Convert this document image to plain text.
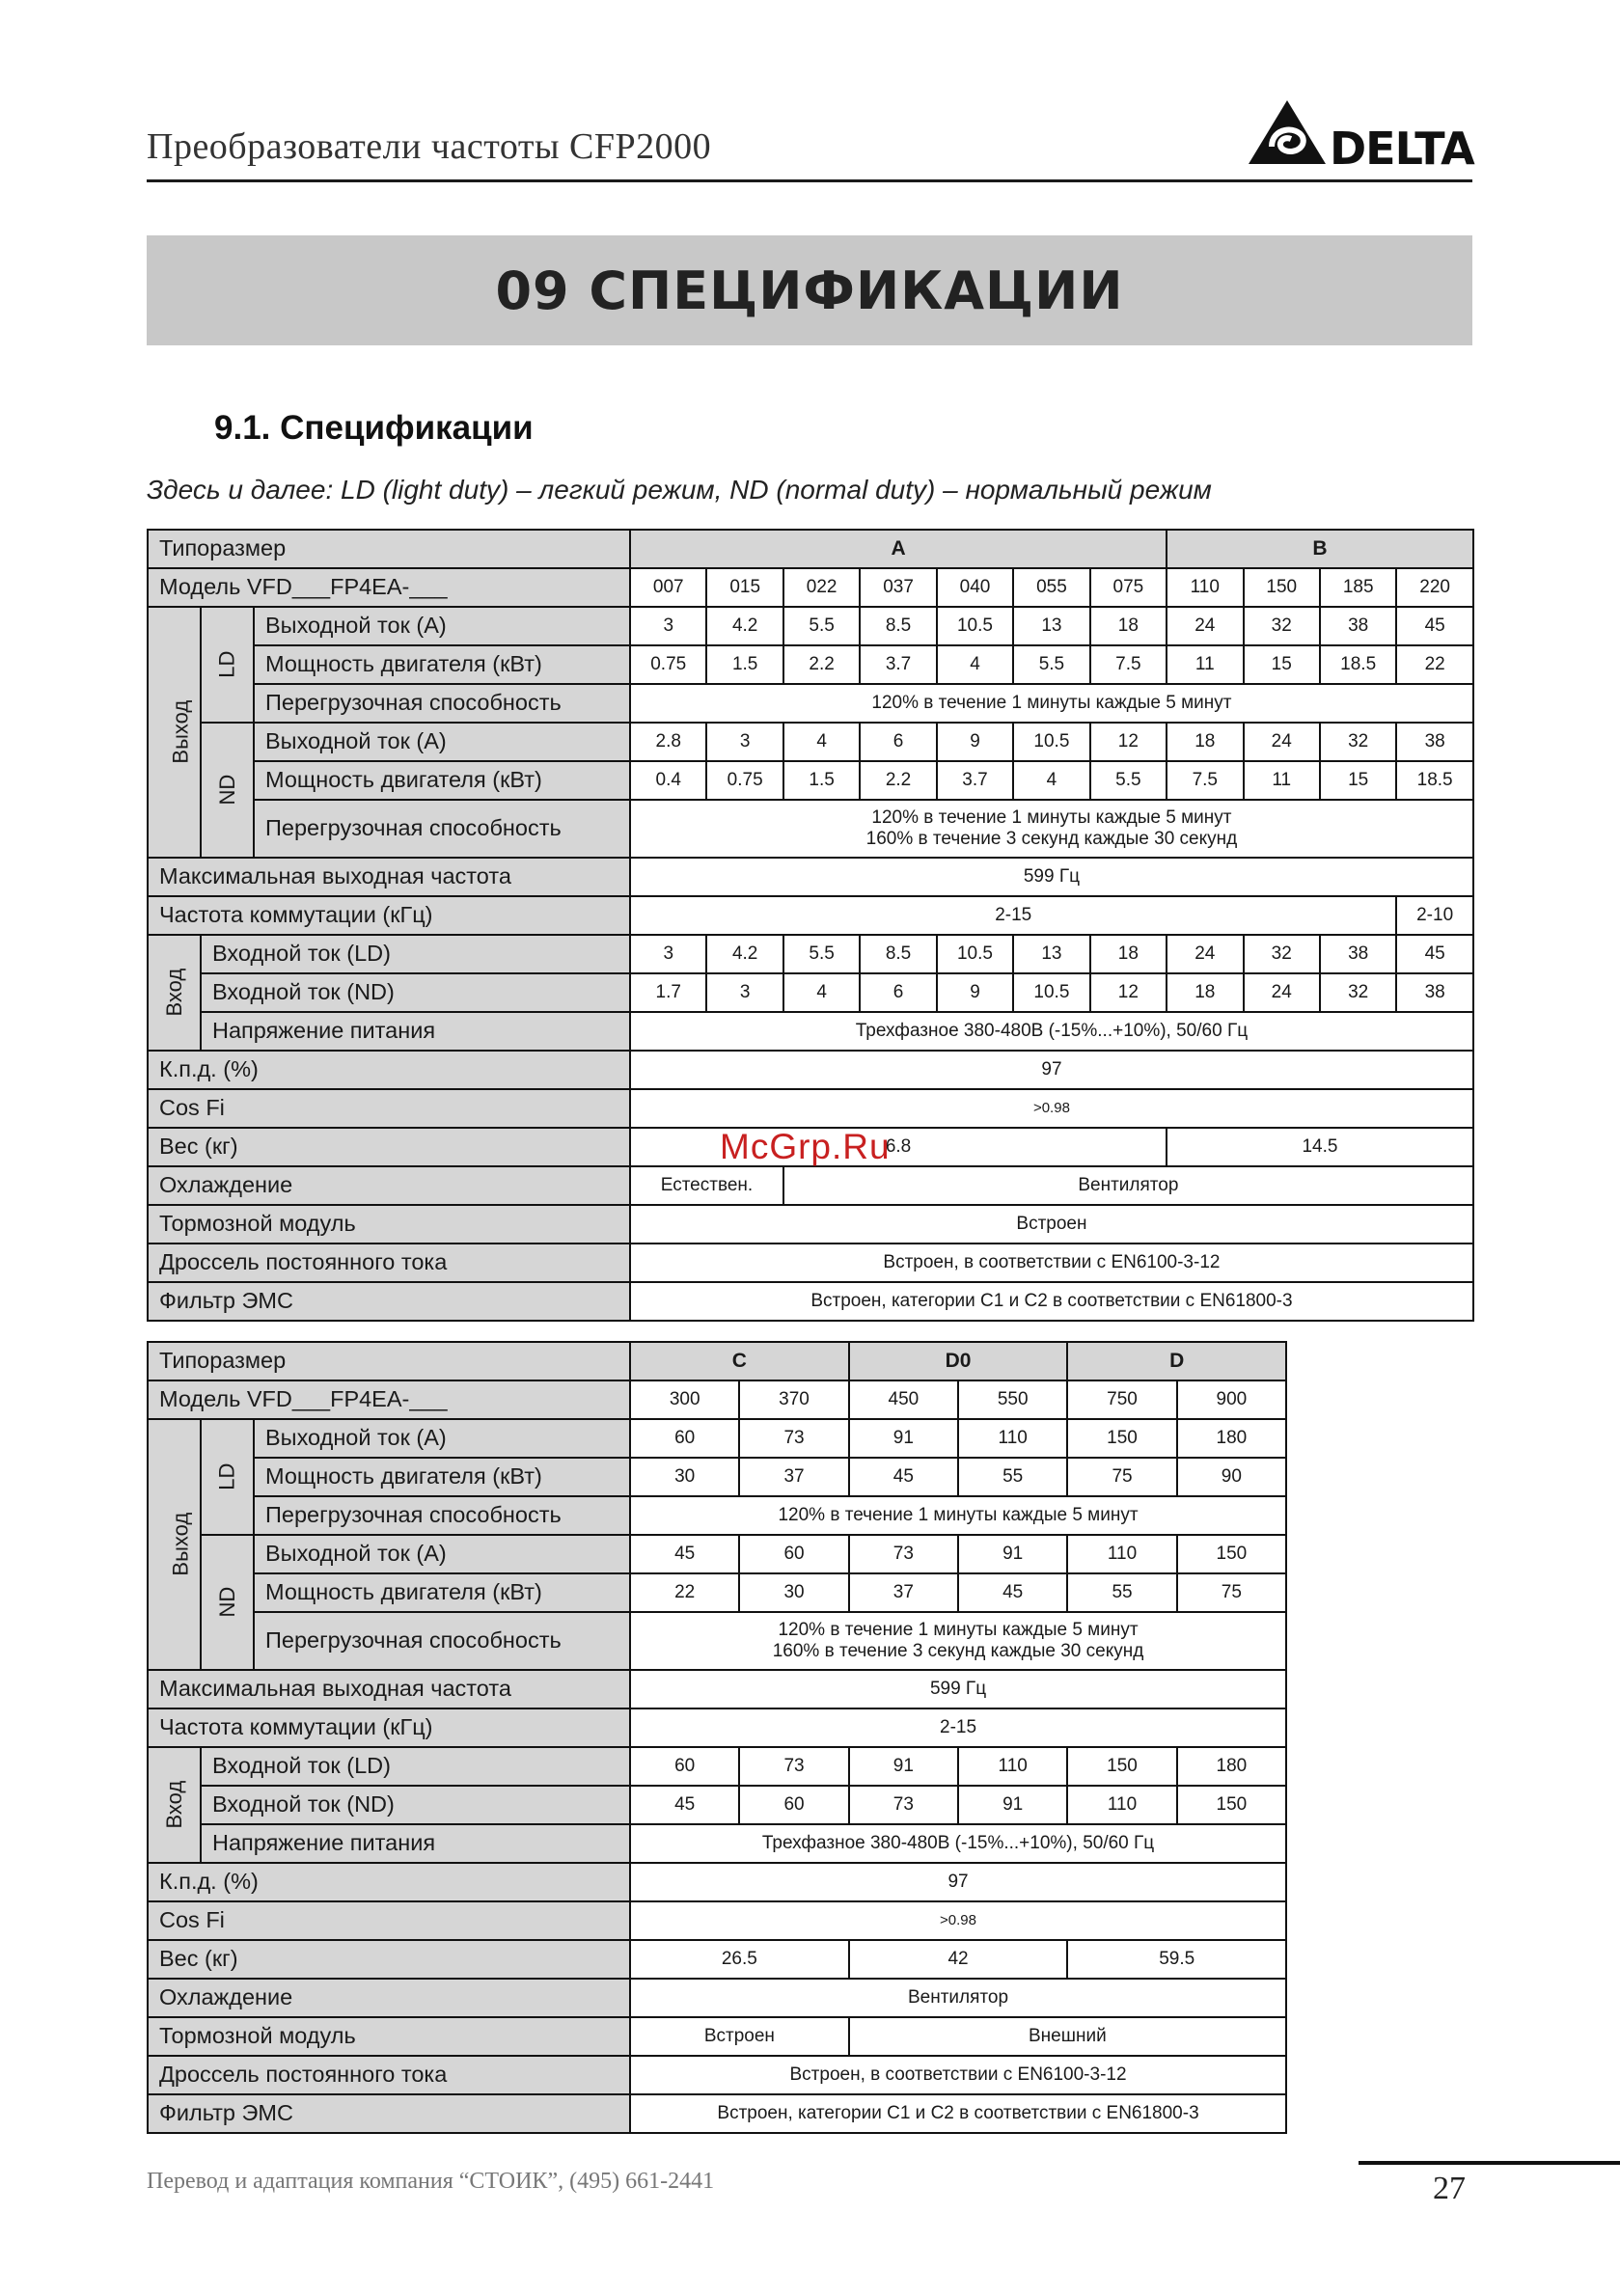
Преобразователи частоты CFP2000	DELTA
09 СПЕЦИФИКАЦИИ
9.1. Спецификации
Здесь и далее: LD (light duty) – легкий режим, ND (normal duty) – нормальный режим
Типоразмер			A							B			
Модель VFD___FP4EA-___			007	015	022	037	040	055	075	110	150	185	220
Выход	LD	Выходной ток (А)	3	4.2	5.5	8.5	10.5	13	18	24	32	38	45
		Мощность двигателя (кВт)	0.75	1.5	2.2	3.7	4	5.5	7.5	11	15	18.5	22
		Перегрузочная способность	120% в течение 1 минуты каждые 5 минут										
	ND	Выходной ток (А)	2.8	3	4	6	9	10.5	12	18	24	32	38
		Мощность двигателя (кВт)	0.4	0.75	1.5	2.2	3.7	4	5.5	7.5	11	15	18.5
		Перегрузочная способность	120% в течение 1 минуты каждые 5 минут
160% в течение 3 секунд каждые 30 секунд										

Максимальная выходная частота			599 Гц										
Частота коммутации (кГц)			2-15										2-10
Вход	Входной ток (LD)		3	4.2	5.5	8.5	10.5	13	18	24	32	38	45
	Входной ток (ND)		1.7	3	4	6	9	10.5	12	18	24	32	38
	Напряжение питания		Трехфазное 380-480В (-15%...+10%), 50/60 Гц										
К.п.д. (%)			97										
Cos Fi			>0.98										
Вес (кг)			6.8							14.5			
Охлаждение			Естествен.		Вентилятор								
Тормозной модуль			Встроен										
Дроссель постоянного тока			Встроен, в соответствии с EN6100-3-12										
Фильтр ЭМС			Встроен, категории С1 и С2 в соответствии с EN61800-3										
Типоразмер			C		D0		D	
Модель VFD___FP4EA-___			300	370	450	550	750	900
Выход	LD	Выходной ток (А)	60	73	91	110	150	180
		Мощность двигателя (кВт)	30	37	45	55	75	90
		Перегрузочная способность	120% в течение 1 минуты каждые 5 минут					
	ND	Выходной ток (А)	45	60	73	91	110	150
		Мощность двигателя (кВт)	22	30	37	45	55	75
		Перегрузочная способность	120% в течение 1 минуты каждые 5 минут
160% в течение 3 секунд каждые 30 секунд					

Максимальная выходная частота			599 Гц					
Частота коммутации (кГц)			2-15					
Вход	Входной ток (LD)		60	73	91	110	150	180
	Входной ток (ND)		45	60	73	91	110	150
	Напряжение питания		Трехфазное 380-480В (-15%...+10%), 50/60 Гц					
К.п.д. (%)			97					
Cos Fi			>0.98					
Вес (кг)			26.5		42		59.5	
Охлаждение			Вентилятор					
Тормозной модуль			Встроен		Внешний			
Дроссель постоянного тока			Встроен, в соответствии с EN6100-3-12					
Фильтр ЭМС			Встроен, категории С1 и С2 в соответствии с EN61800-3					
McGrp.Ru
Перевод и адаптация компания “СТОИК”, (495) 661-2441	27
